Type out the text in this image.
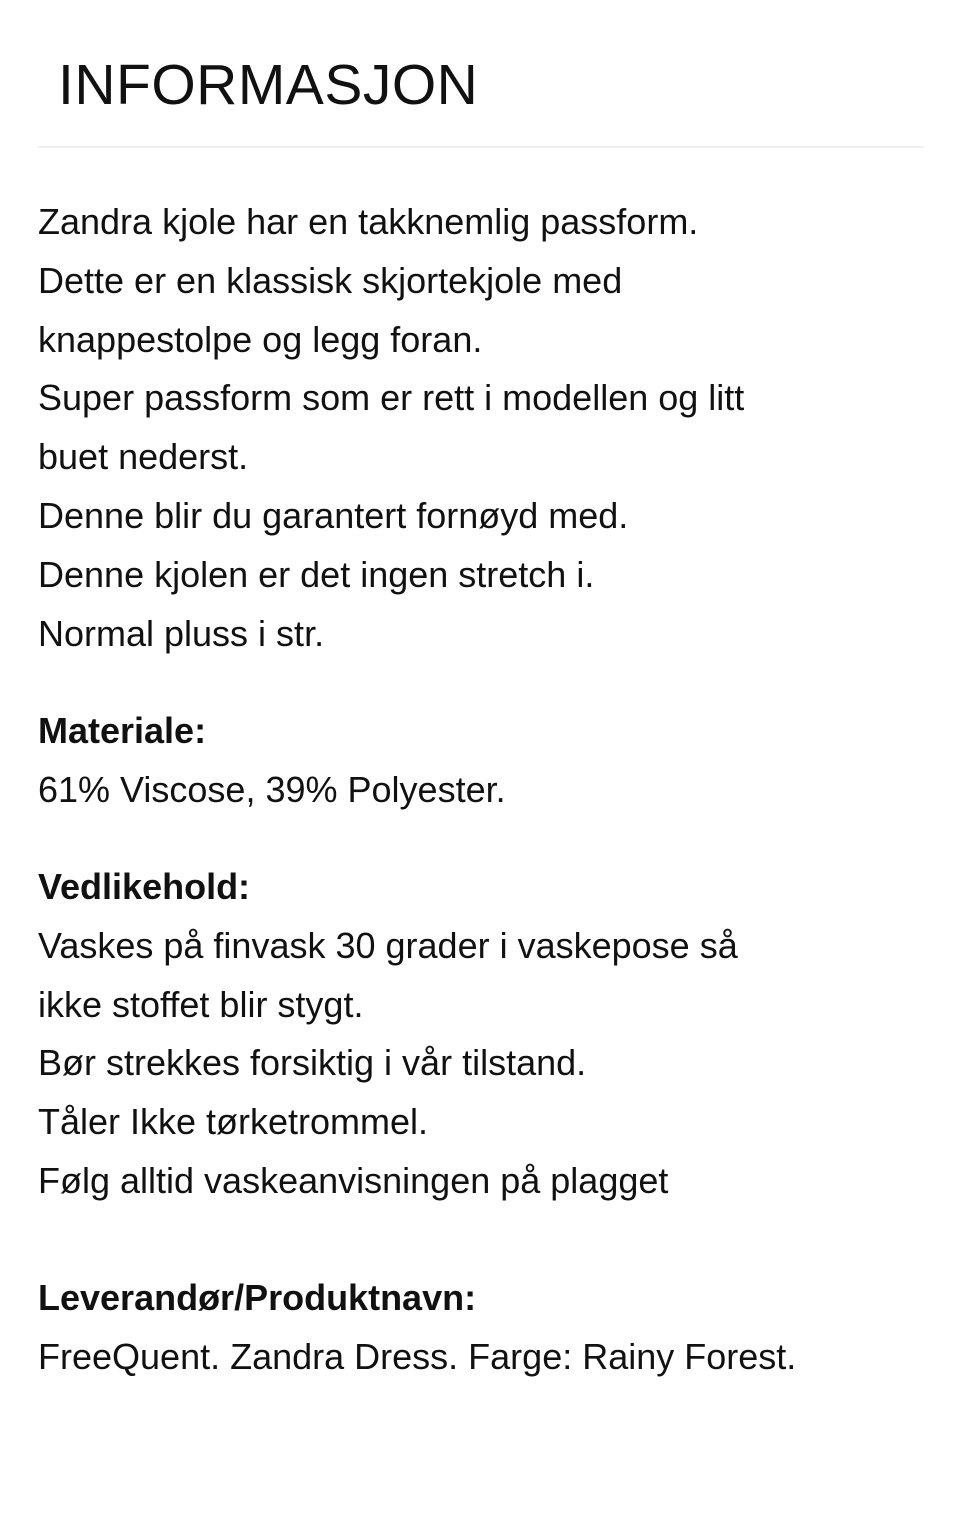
INFORMASJON

Zandra kjole har en takknemlig passform.

Dette er en klassisk skjortekjole med

knappestolpe og legg foran.

Super passform som er rett i modellen og litt

buet nederst.

Denne blir du garantert fornøyd med.

Denne kjolen er det ingen stretch i.

Normal pluss i str.

Materiale:

61% Viscose, 39% Polyester.

Vedlikehold:

Vaskes på finvask 30 grader i vaskepose så

ikke stoffet blir stygt.

Bør strekkes forsiktig i vår tilstand.

Tåler Ikke tørketrommel.

Følg alltid vaskeanvisningen på plagget

Leverandør/Produktnavn:

FreeQuent. Zandra Dress. Farge: Rainy Forest.
